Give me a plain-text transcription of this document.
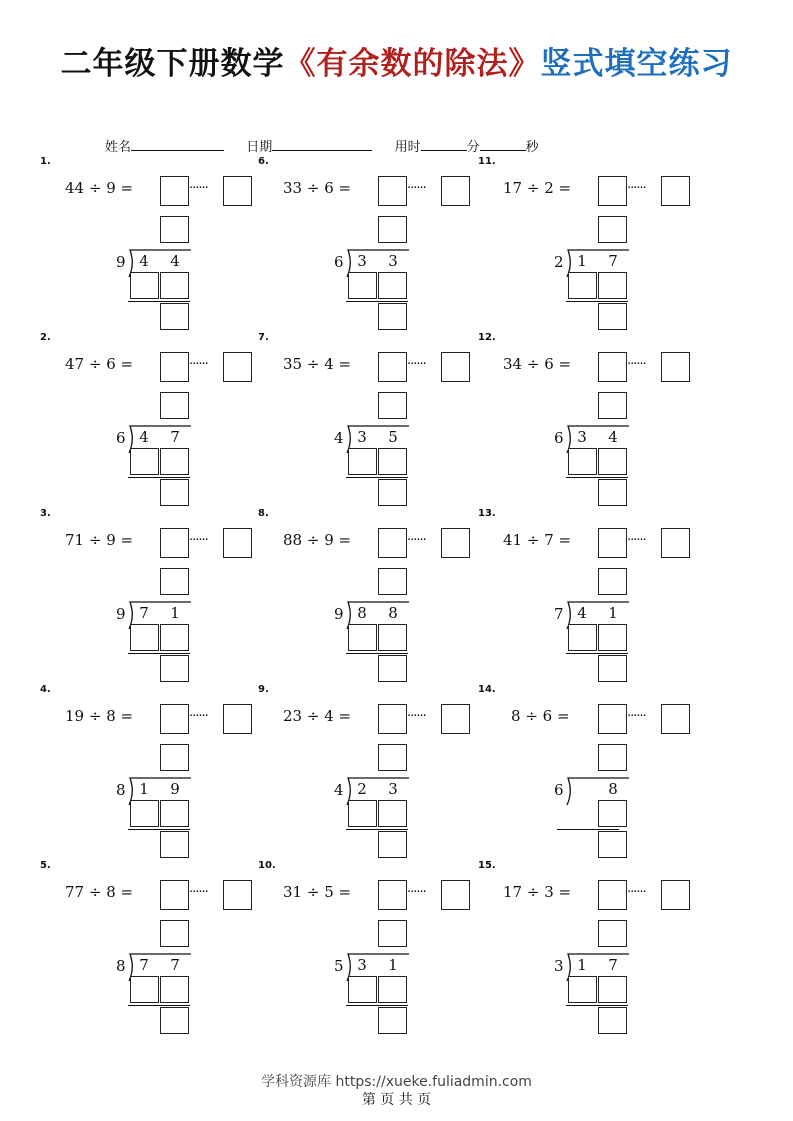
二年级下册数学《有余数的除法》竖式填空练习
姓名	日期	用时	分	秒
1.
44 ÷ 9 =	······
9 4 4
2.
47 ÷ 6 =	······
6 4 7
3.
71 ÷ 9 =	······
9 7 1
4.
19 ÷ 8 =	······
8 1 9
5.
77 ÷ 8 =	······
8 7 7
6.
33 ÷ 6 =	······
6 3 3
7.
35 ÷ 4 =	······
4 3 5
8.
88 ÷ 9 =	······
9 8 8
9.
23 ÷ 4 =	······
4 2 3
10.
31 ÷ 5 =	······
5 3 1
11.
17 ÷ 2 =	······
2 1 7
12.
34 ÷ 6 =	······
6 3 4
13.
41 ÷ 7 =	······
7 4 1
14.
8 ÷ 6 =	······
6	8
15.
17 ÷ 3 =	······
3 1 7
学科资源库 https://xueke.fuliadmin.com
第 页 共 页
